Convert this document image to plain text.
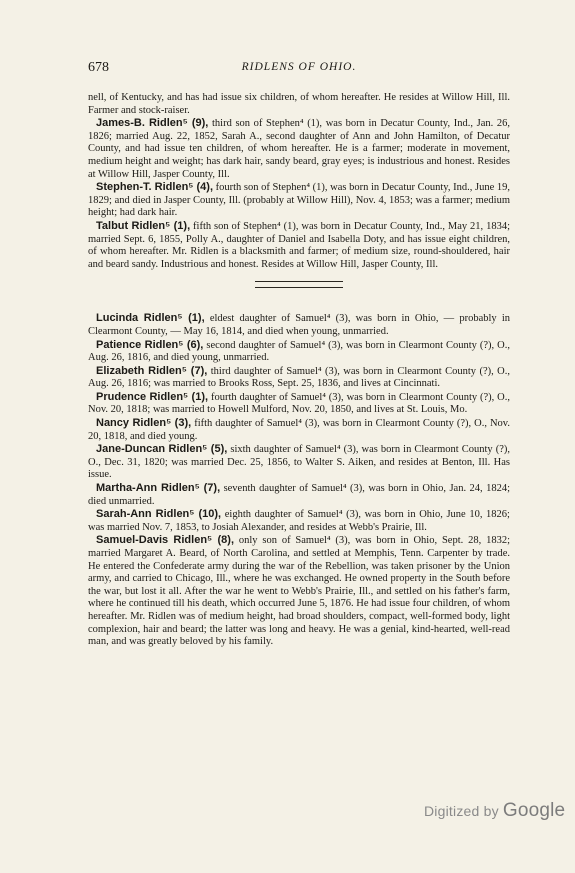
678	RIDLENS OF OHIO.

nell, of Kentucky, and has had issue six children, of whom hereafter. He resides at Willow Hill, Ill. Farmer and stock-raiser.

James-B. Ridlen⁵ (9), third son of Stephen⁴ (1), was born in Decatur County, Ind., Jan. 26, 1826; married Aug. 22, 1852, Sarah A., second daughter of Ann and John Hamilton, of Decatur County, and had issue ten children, of whom hereafter. He is a farmer; moderate in movement, medium height and weight; has dark hair, sandy beard, gray eyes; is industrious and honest. Resides at Willow Hill, Jasper County, Ill.

Stephen-T. Ridlen⁵ (4), fourth son of Stephen⁴ (1), was born in Decatur County, Ind., June 19, 1829; and died in Jasper County, Ill. (probably at Willow Hill), Nov. 4, 1853; was a farmer; medium height; had dark hair.

Talbut Ridlen⁵ (1), fifth son of Stephen⁴ (1), was born in Decatur County, Ind., May 21, 1834; married Sept. 6, 1855, Polly A., daughter of Daniel and Isabella Doty, and has issue eight children, of whom hereafter. Mr. Ridlen is a blacksmith and farmer; of medium size, round-shouldered, hair and beard sandy. Industrious and honest. Resides at Willow Hill, Jasper County, Ill.

Lucinda Ridlen⁵ (1), eldest daughter of Samuel⁴ (3), was born in Ohio, — probably in Clearmont County, — May 16, 1814, and died when young, unmarried.

Patience Ridlen⁵ (6), second daughter of Samuel⁴ (3), was born in Clearmont County (?), O., Aug. 26, 1816, and died young, unmarried.

Elizabeth Ridlen⁵ (7), third daughter of Samuel⁴ (3), was born in Clearmont County (?), O., Aug. 26, 1816; was married to Brooks Ross, Sept. 25, 1836, and lives at Cincinnati.

Prudence Ridlen⁵ (1), fourth daughter of Samuel⁴ (3), was born in Clearmont County (?), O., Nov. 20, 1818; was married to Howell Mulford, Nov. 20, 1850, and lives at St. Louis, Mo.

Nancy Ridlen⁵ (3), fifth daughter of Samuel⁴ (3), was born in Clearmont County (?), O., Nov. 20, 1818, and died young.

Jane-Duncan Ridlen⁵ (5), sixth daughter of Samuel⁴ (3), was born in Clearmont County (?), O., Dec. 31, 1820; was married Dec. 25, 1856, to Walter S. Aiken, and resides at Benton, Ill. Has issue.

Martha-Ann Ridlen⁵ (7), seventh daughter of Samuel⁴ (3), was born in Ohio, Jan. 24, 1824; died unmarried.

Sarah-Ann Ridlen⁵ (10), eighth daughter of Samuel⁴ (3), was born in Ohio, June 10, 1826; was married Nov. 7, 1853, to Josiah Alexander, and resides at Webb's Prairie, Ill.

Samuel-Davis Ridlen⁵ (8), only son of Samuel⁴ (3), was born in Ohio, Sept. 28, 1832; married Margaret A. Beard, of North Carolina, and settled at Memphis, Tenn. Carpenter by trade. He entered the Confederate army during the war of the Rebellion, was taken prisoner by the Union army, and carried to Chicago, Ill., where he was exchanged. He owned property in the South before the war, but lost it all. After the war he went to Webb's Prairie, Ill., and settled on his father's farm, where he continued till his death, which occurred June 5, 1876. He had issue four children, of whom hereafter. Mr. Ridlen was of medium height, had broad shoulders, compact, well-formed body, light complexion, hair and beard; the latter was long and heavy. He was a genial, kind-hearted, well-read man, and was greatly beloved by his family.

Digitized by Google
